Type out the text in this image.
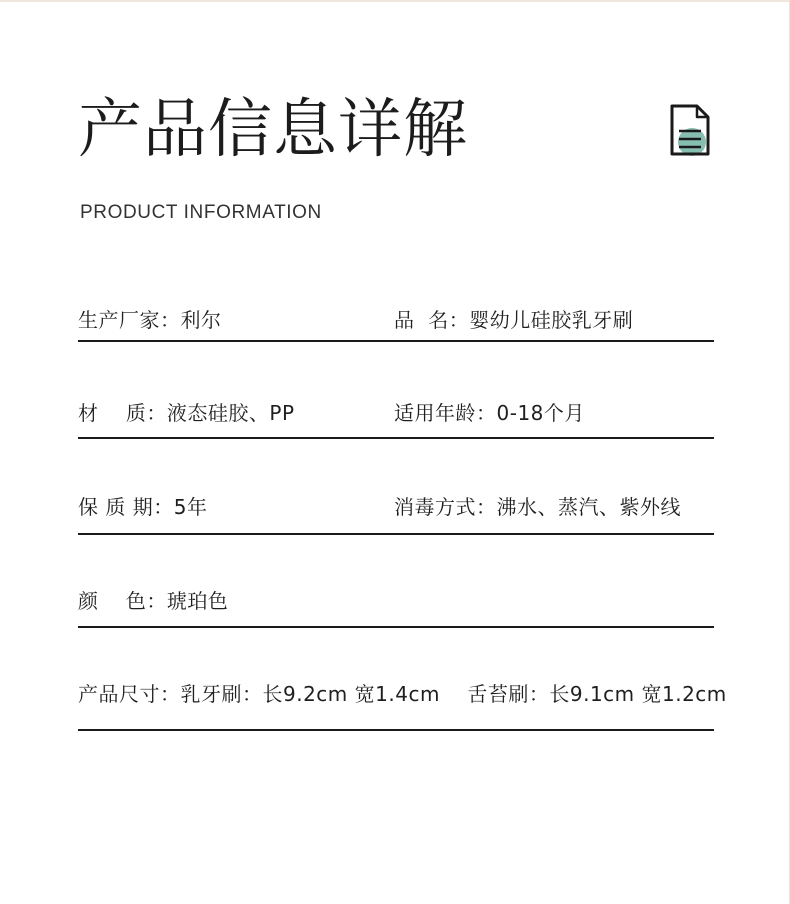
产品信息详解
PRODUCT INFORMATION
生产厂家：利尔	品  名：婴幼儿硅胶乳牙刷
材    质：液态硅胶、PP	适用年龄：0-18个月
保 质 期：5年	消毒方式：沸水、蒸汽、紫外线
颜    色：琥珀色
产品尺寸：乳牙刷：长9.2cm 宽1.4cm    舌苔刷：长9.1cm 宽1.2cm
